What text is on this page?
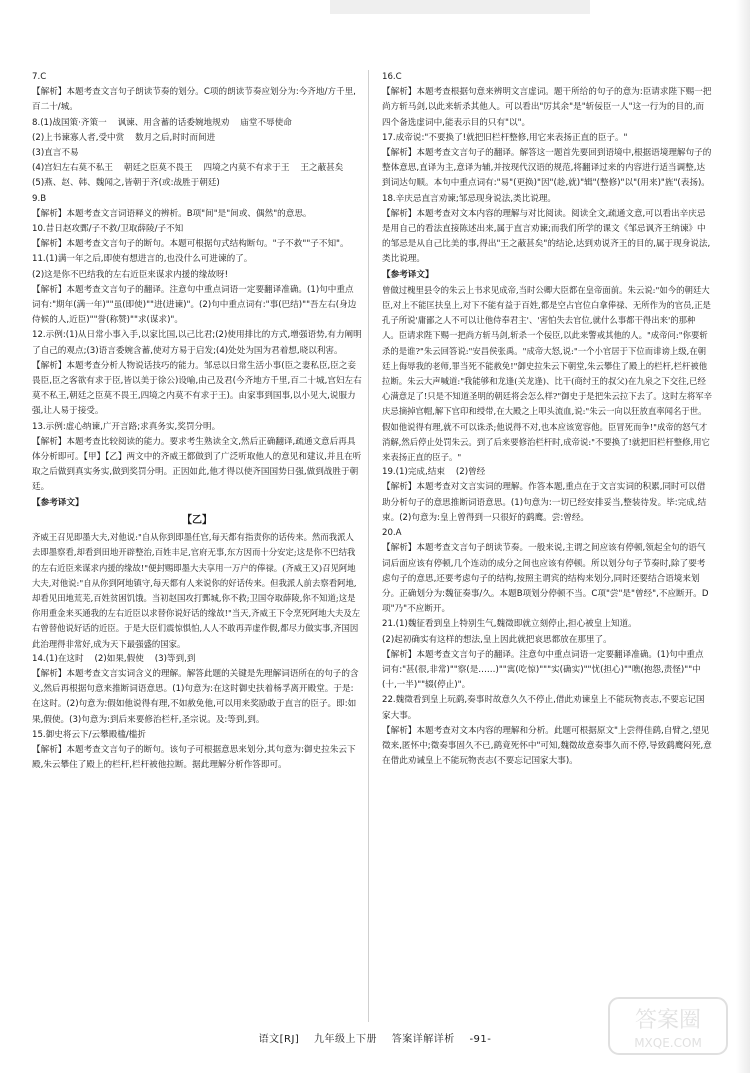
7.C

【解析】本题考查文言句子朗读节奏的划分。C项的朗读节奏应划分为:今齐地/方千里,百二十/城。

8.(1)战国策·齐策一    讽谏、用含蓄的话委婉地规劝    庙堂不辱使命

(2)上书谏寡人者,受中赏    数月之后,时时而间进

(3)直言不易

(4)宫妇左右莫不私王    朝廷之臣莫不畏王    四境之内莫不有求于王    王之蔽甚矣

(5)燕、赵、韩、魏闻之,皆朝于齐(或:战胜于朝廷)

9.B

【解析】本题考查文言词语释义的辨析。B项"间"是"间或、偶然"的意思。

10.昔日赵攻鄄/子不救/卫取薛陵/子不知

【解析】本题考查文言句子的断句。本题可根据句式结构断句。"子不救""子不知"。

11.(1)满一年之后,即使有想进言的,也没什么可进谏的了。

(2)这是你不巴结我的左右近臣来谋求内援的缘故呀!

【解析】本题考查文言句子的翻译。注意句中重点词语一定要翻译准确。(1)句中重点词有:"期年(满一年)""虽(即使)""进(进谏)"。(2)句中重点词有:"事(巴结)""吾左右(身边侍候的人,近臣)""誉(称赞)""求(谋求)"。

12.示例:(1)从日常小事入手,以家比国,以己比君;(2)使用排比的方式,增强语势,有力阐明了自己的观点;(3)语言委婉含蓄,使对方易于启发;(4)处处为国为君着想,晓以利害。

【解析】本题考查分析人物说话技巧的能力。邹忌以日常生活小事(臣之妻私臣,臣之妾畏臣,臣之客欲有求于臣,皆以美于徐公)设喻,由己及君(今齐地方千里,百二十城,宫妇左右莫不私王,朝廷之臣莫不畏王,四境之内莫不有求于王)。由家事到国事,以小见大,说服力强,让人易于接受。

13.示例:虚心纳谏,广开言路;求真务实,奖罚分明。

【解析】本题考查比较阅读的能力。要求考生熟读全文,然后正确翻译,疏通文意后再具体分析即可。【甲】【乙】两文中的齐威王都做到了广泛听取他人的意见和建议,并且在听取之后做到真实务实,做到奖罚分明。正因如此,他才得以使齐国国势日强,做到战胜于朝廷。

【参考译文】

【乙】

齐威王召见即墨大夫,对他说:"自从你到即墨任官,每天都有指责你的话传来。然而我派人去即墨察看,却看到田地开辟整治,百姓丰足,官府无事,东方因而十分安定;这是你不巴结我的左右近臣来谋求内援的缘故!"便封赐即墨大夫享用一万户的俸禄。(齐威王又)召见阿地大夫,对他说:"自从你到阿地镇守,每天都有人来说你的好话传来。但我派人前去察看阿地,却看见田地荒芜,百姓贫困饥饿。当初赵国攻打鄄城,你不救;卫国夺取薛陵,你不知道;这是你用重金来买通我的左右近臣以求替你说好话的缘故!"当天,齐威王下令烹死阿地大夫及左右曾替他说好话的近臣。于是大臣们震惊惧怕,人人不敢再弄虚作假,都尽力做实事,齐国因此治理得非常好,成为天下最强盛的国家。

14.(1)在这时    (2)如果,假使    (3)等到,到

【解析】本题考查文言实词含义的理解。解答此题的关键是先理解词语所在的句子的含义,然后再根据句意来推断词语意思。(1)句意为:在这时御史扶着杨孚离开殿堂。于是:在这时。(2)句意为:假如他说得有理,不如赦免他,可以用来奖励敢于直言的臣子。即:如果,假使。(3)句意为:到后来要修治栏杆,圣宗说。及:等到,到。

15.御史将云下/云攀殿槛/槛折

【解析】本题考查文言句子的断句。该句子可根据意思来划分,其句意为:御史拉朱云下殿,朱云攀住了殿上的栏杆,栏杆被他拉断。据此理解分析作答即可。

16.C

【解析】本题考查根据句意来辨明文言虚词。题干所给的句子的意为:臣请求陛下赐一把尚方斩马剑,以此来斩杀其他人。可以看出"厉其余"是"斩佞臣一人"这一行为的目的,而四个备选虚词中,能表示目的只有"以"。

17.成帝说:"不要换了!就把旧栏杆整修,用它来表扬正直的臣子。"

【解析】本题考查文言句子的翻译。解答这一题首先要回到语境中,根据语境理解句子的整体意思,直译为主,意译为辅,并按现代汉语的规范,将翻译过来的内容进行适当调整,达到词达句顺。本句中重点词有:"易"(更换)"因"(趁,就)"辑"(整修)"以"(用来)"旌"(表扬)。

18.辛庆忌直言劝谏;邹忌现身说法,类比说理。

【解析】本题考查对文本内容的理解与对比阅读。阅读全文,疏通文意,可以看出辛庆忌是用自己的看法直接陈述出来,属于直言劝谏;而我们所学的课文《邹忌讽齐王纳谏》中的邹忌是从自己比美的事,得出"王之蔽甚矣"的结论,达到劝说齐王的目的,属于现身说法,类比说理。

【参考译文】

曾做过槐里县令的朱云上书求见成帝,当时公卿大臣都在皇帝面前。朱云说:"如今的朝廷大臣,对上不能匡扶皇上,对下不能有益于百姓,都是空占官位白拿俸禄、无所作为的官员,正是孔子所说'庸鄙之人不可以让他侍奉君主'、'害怕失去官位,就什么事都干得出来'的那种人。臣请求陛下赐一把尚方斩马剑,斩杀一个佞臣,以此来警戒其他的人。"成帝问:"你要斩杀的是谁?"朱云回答说:"安昌侯张禹。"成帝大怒,说:"一个小官居于下位而诽谤上级,在朝廷上侮辱我的老师,罪当死不能赦免!"御史拉朱云下朝堂,朱云攀住了殿上的栏杆,栏杆被他拉断。朱云大声喊道:"我能够和龙逢(关龙逢)、比干(商纣王的叔父)在九泉之下交往,已经心满意足了!只是不知道圣明的朝廷将会怎么样?"御史于是把朱云拉下去了。这时左将军辛庆忌摘掉官帽,解下官印和绶带,在大殿之上叩头流血,说:"朱云一向以狂放直率闻名于世。假如他说得有理,就不可以诛杀;他说得不对,也本应该宽容他。臣冒死而争!"成帝的怒气才消解,然后停止处罚朱云。到了后来要修治栏杆时,成帝说:"不要换了!就把旧栏杆整修,用它来表扬正直的臣子。"

19.(1)完成,结束    (2)曾经

【解析】本题考查对文言实词的理解。作答本题,重点在于文言实词的积累,同时可以借助分析句子的意思推断词语意思。(1)句意为:一切已经安排妥当,整装待发。毕:完成,结束。(2)句意为:皇上曾得到一只很好的鹞鹰。尝:曾经。

20.A

【解析】本题考查文言句子朗读节奏。一般来说,主谓之间应该有停顿,领起全句的语气词后面应该有停顿,几个连动的成分之间也应该有停顿。所以划分句子节奏时,除了要考虑句子的意思,还要考虑句子的结构,按照主谓宾的结构来划分,同时还要结合语境来划分。正确划分为:魏征奏事/久。本题B项划分停顿不当。C项"尝"是"曾经",不应断开。D项"乃"不应断开。

21.(1)魏征看到皇上特别生气,魏徵即就立刻停止,担心被皇上知道。

(2)起初确实有这样的想法,皇上因此就把哀思都放在那里了。

【解析】本题考查文言句子的翻译。注意句中重点词语一定要翻译准确。(1)句中重点词有:"甚(很,非常)""察(是……)""寓(吃惊)"""实(确实)""忧(担心)""噍(抱怨,责怪)""中(十,一半)""辍(停止)"。

22.魏徵看到皇上玩鹞,奏事时故意久久不停止,借此劝谏皇上不能玩物丧志,不要忘记国家大事。

【解析】本题考查对文本内容的理解和分析。此题可根据原文"上尝得佳鹞,自臂之,望见徵来,匿怀中;徵奏事固久不已,鹞竟死怀中"可知,魏徵故意奏事久而不停,导致鹞鹰闷死,意在借此劝诫皇上不能玩物丧志(不要忘记国家大事)。

语文[RJ] 九年级上下册 答案详解详析 -91-
答案圈
MXQE.COM
